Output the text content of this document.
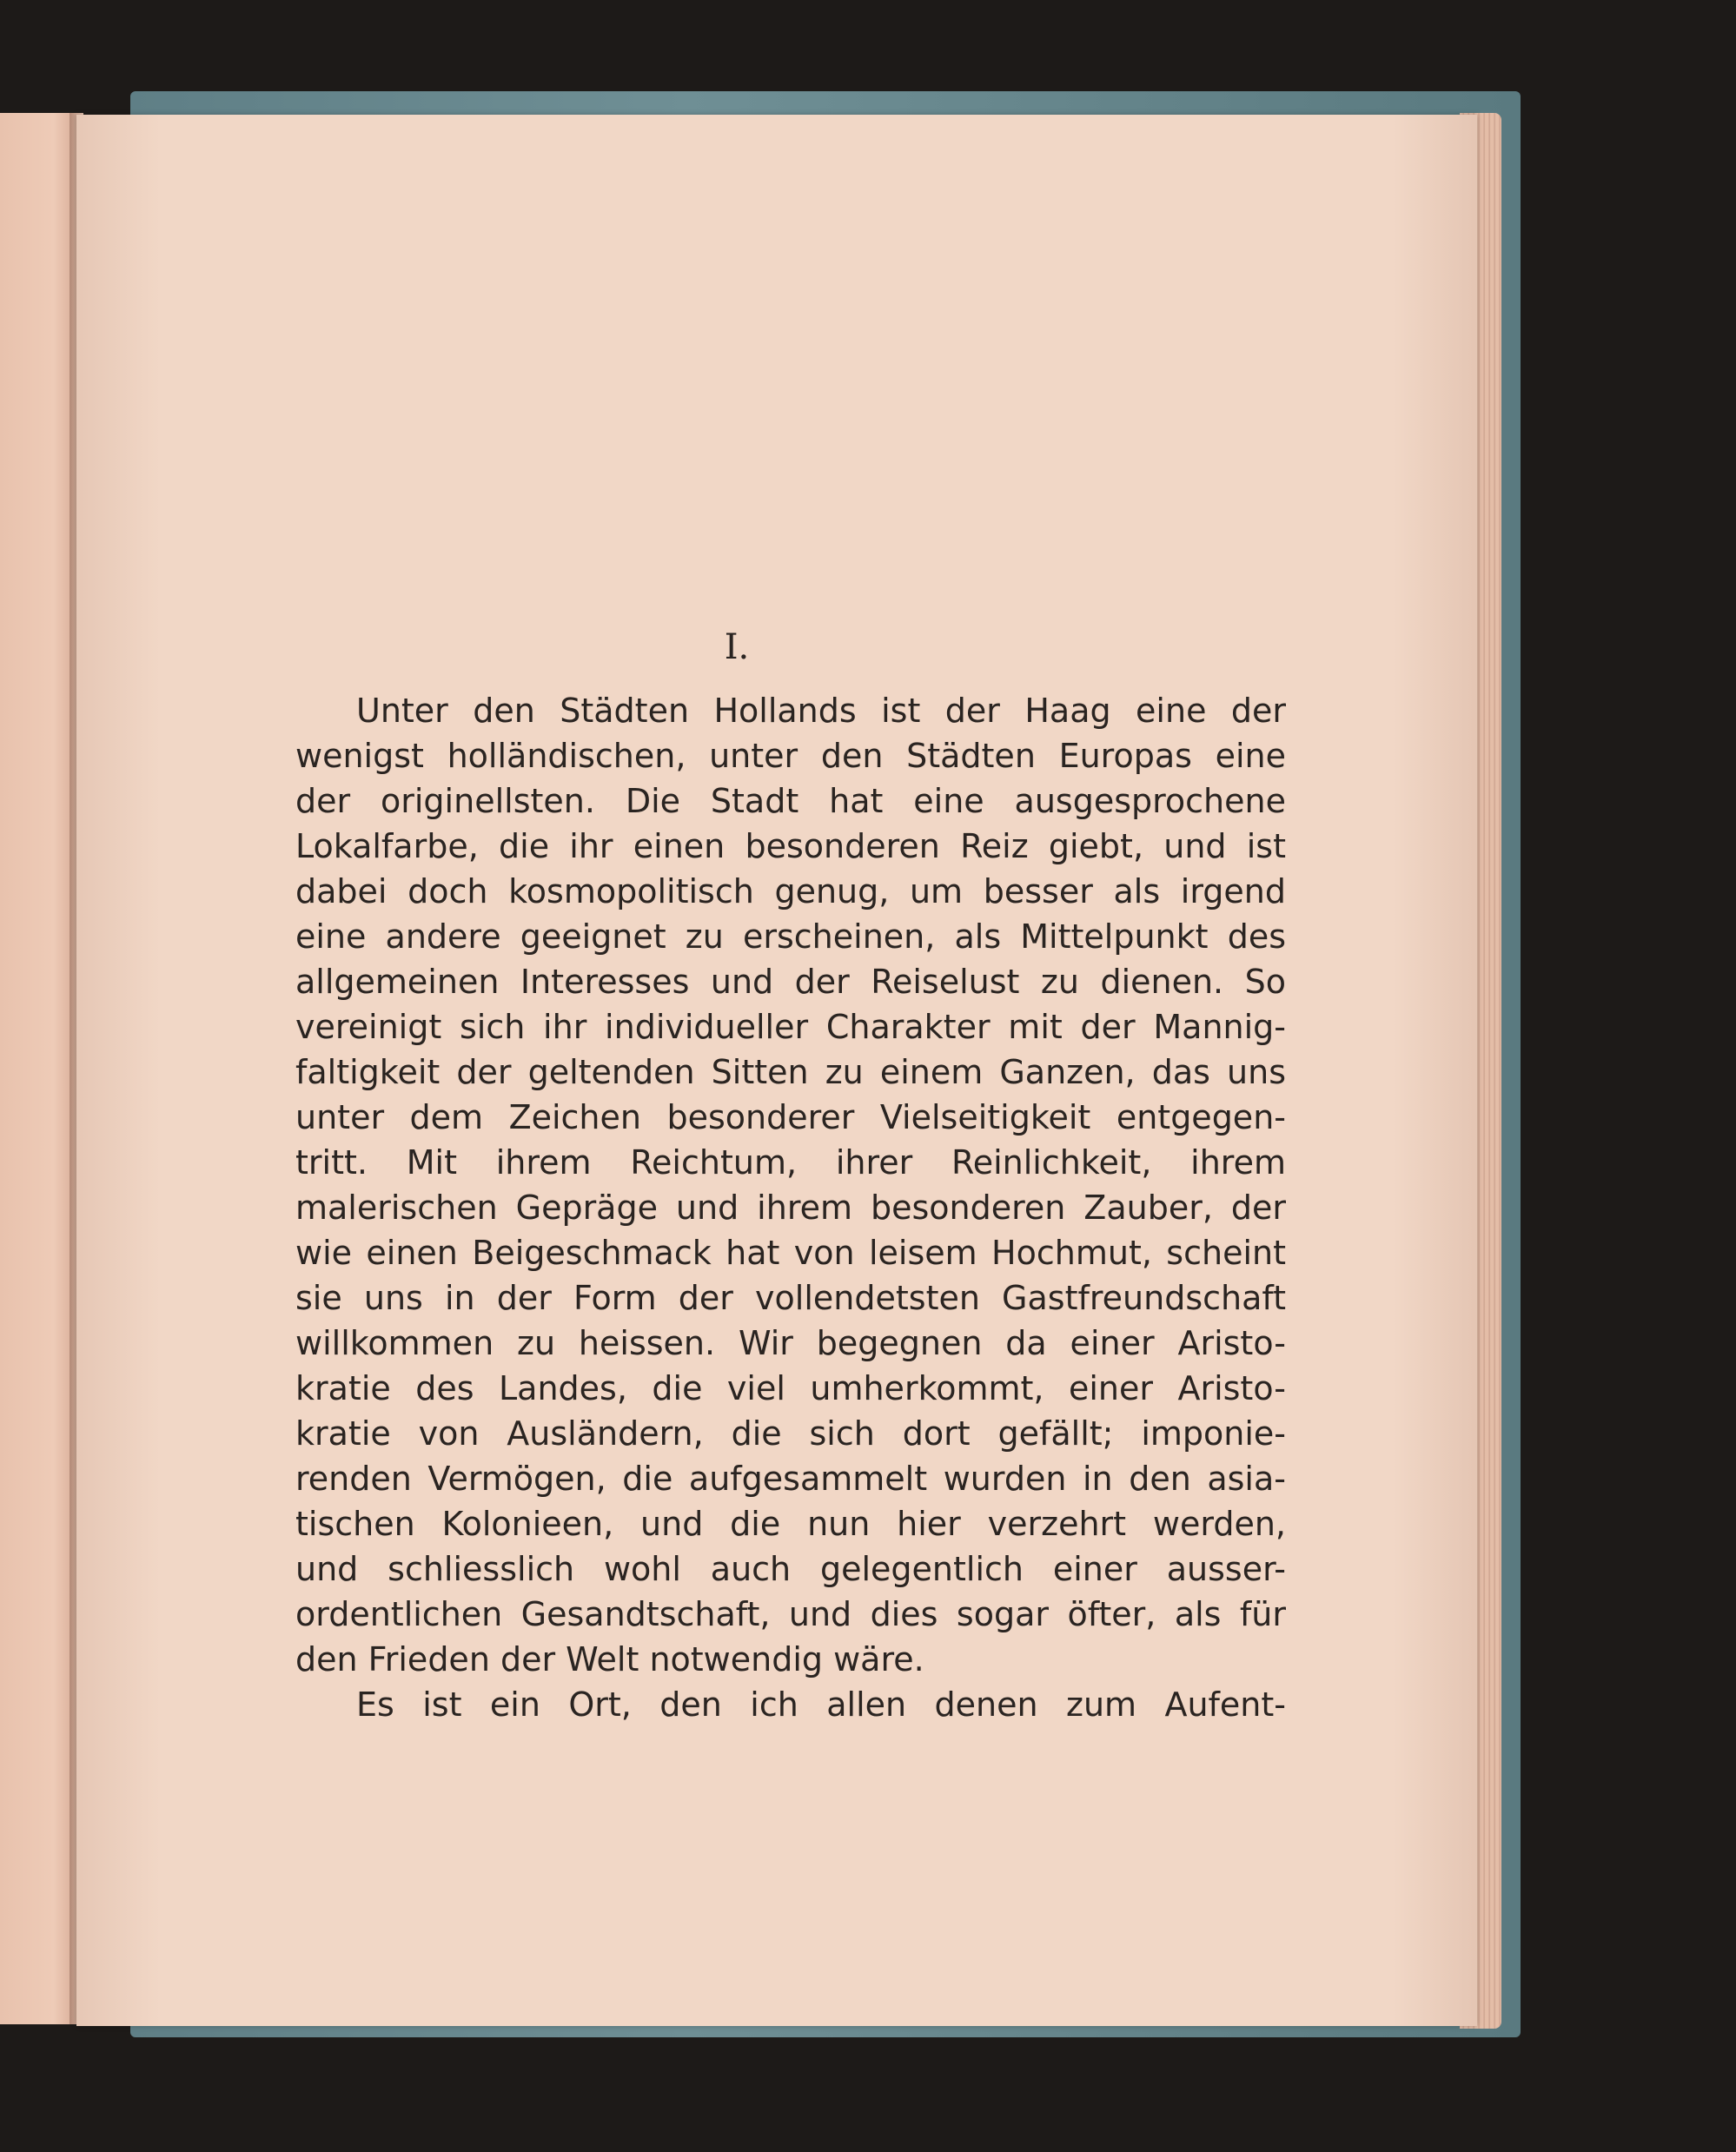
I.
Unter den Städten Hollands ist der Haag eine der
wenigst holländischen, unter den Städten Europas eine
der originellsten. Die Stadt hat eine ausgesprochene
Lokalfarbe, die ihr einen besonderen Reiz giebt, und ist
dabei doch kosmopolitisch genug, um besser als irgend
eine andere geeignet zu erscheinen, als Mittelpunkt des
allgemeinen Interesses und der Reiselust zu dienen. So
vereinigt sich ihr individueller Charakter mit der Mannig-
faltigkeit der geltenden Sitten zu einem Ganzen, das uns
unter dem Zeichen besonderer Vielseitigkeit entgegen-
tritt. Mit ihrem Reichtum, ihrer Reinlichkeit, ihrem
malerischen Gepräge und ihrem besonderen Zauber, der
wie einen Beigeschmack hat von leisem Hochmut, scheint
sie uns in der Form der vollendetsten Gastfreundschaft
willkommen zu heissen. Wir begegnen da einer Aristo-
kratie des Landes, die viel umherkommt, einer Aristo-
kratie von Ausländern, die sich dort gefällt; imponie-
renden Vermögen, die aufgesammelt wurden in den asia-
tischen Kolonieen, und die nun hier verzehrt werden,
und schliesslich wohl auch gelegentlich einer ausser-
ordentlichen Gesandtschaft, und dies sogar öfter, als für
den Frieden der Welt notwendig wäre.
Es ist ein Ort, den ich allen denen zum Aufent-
